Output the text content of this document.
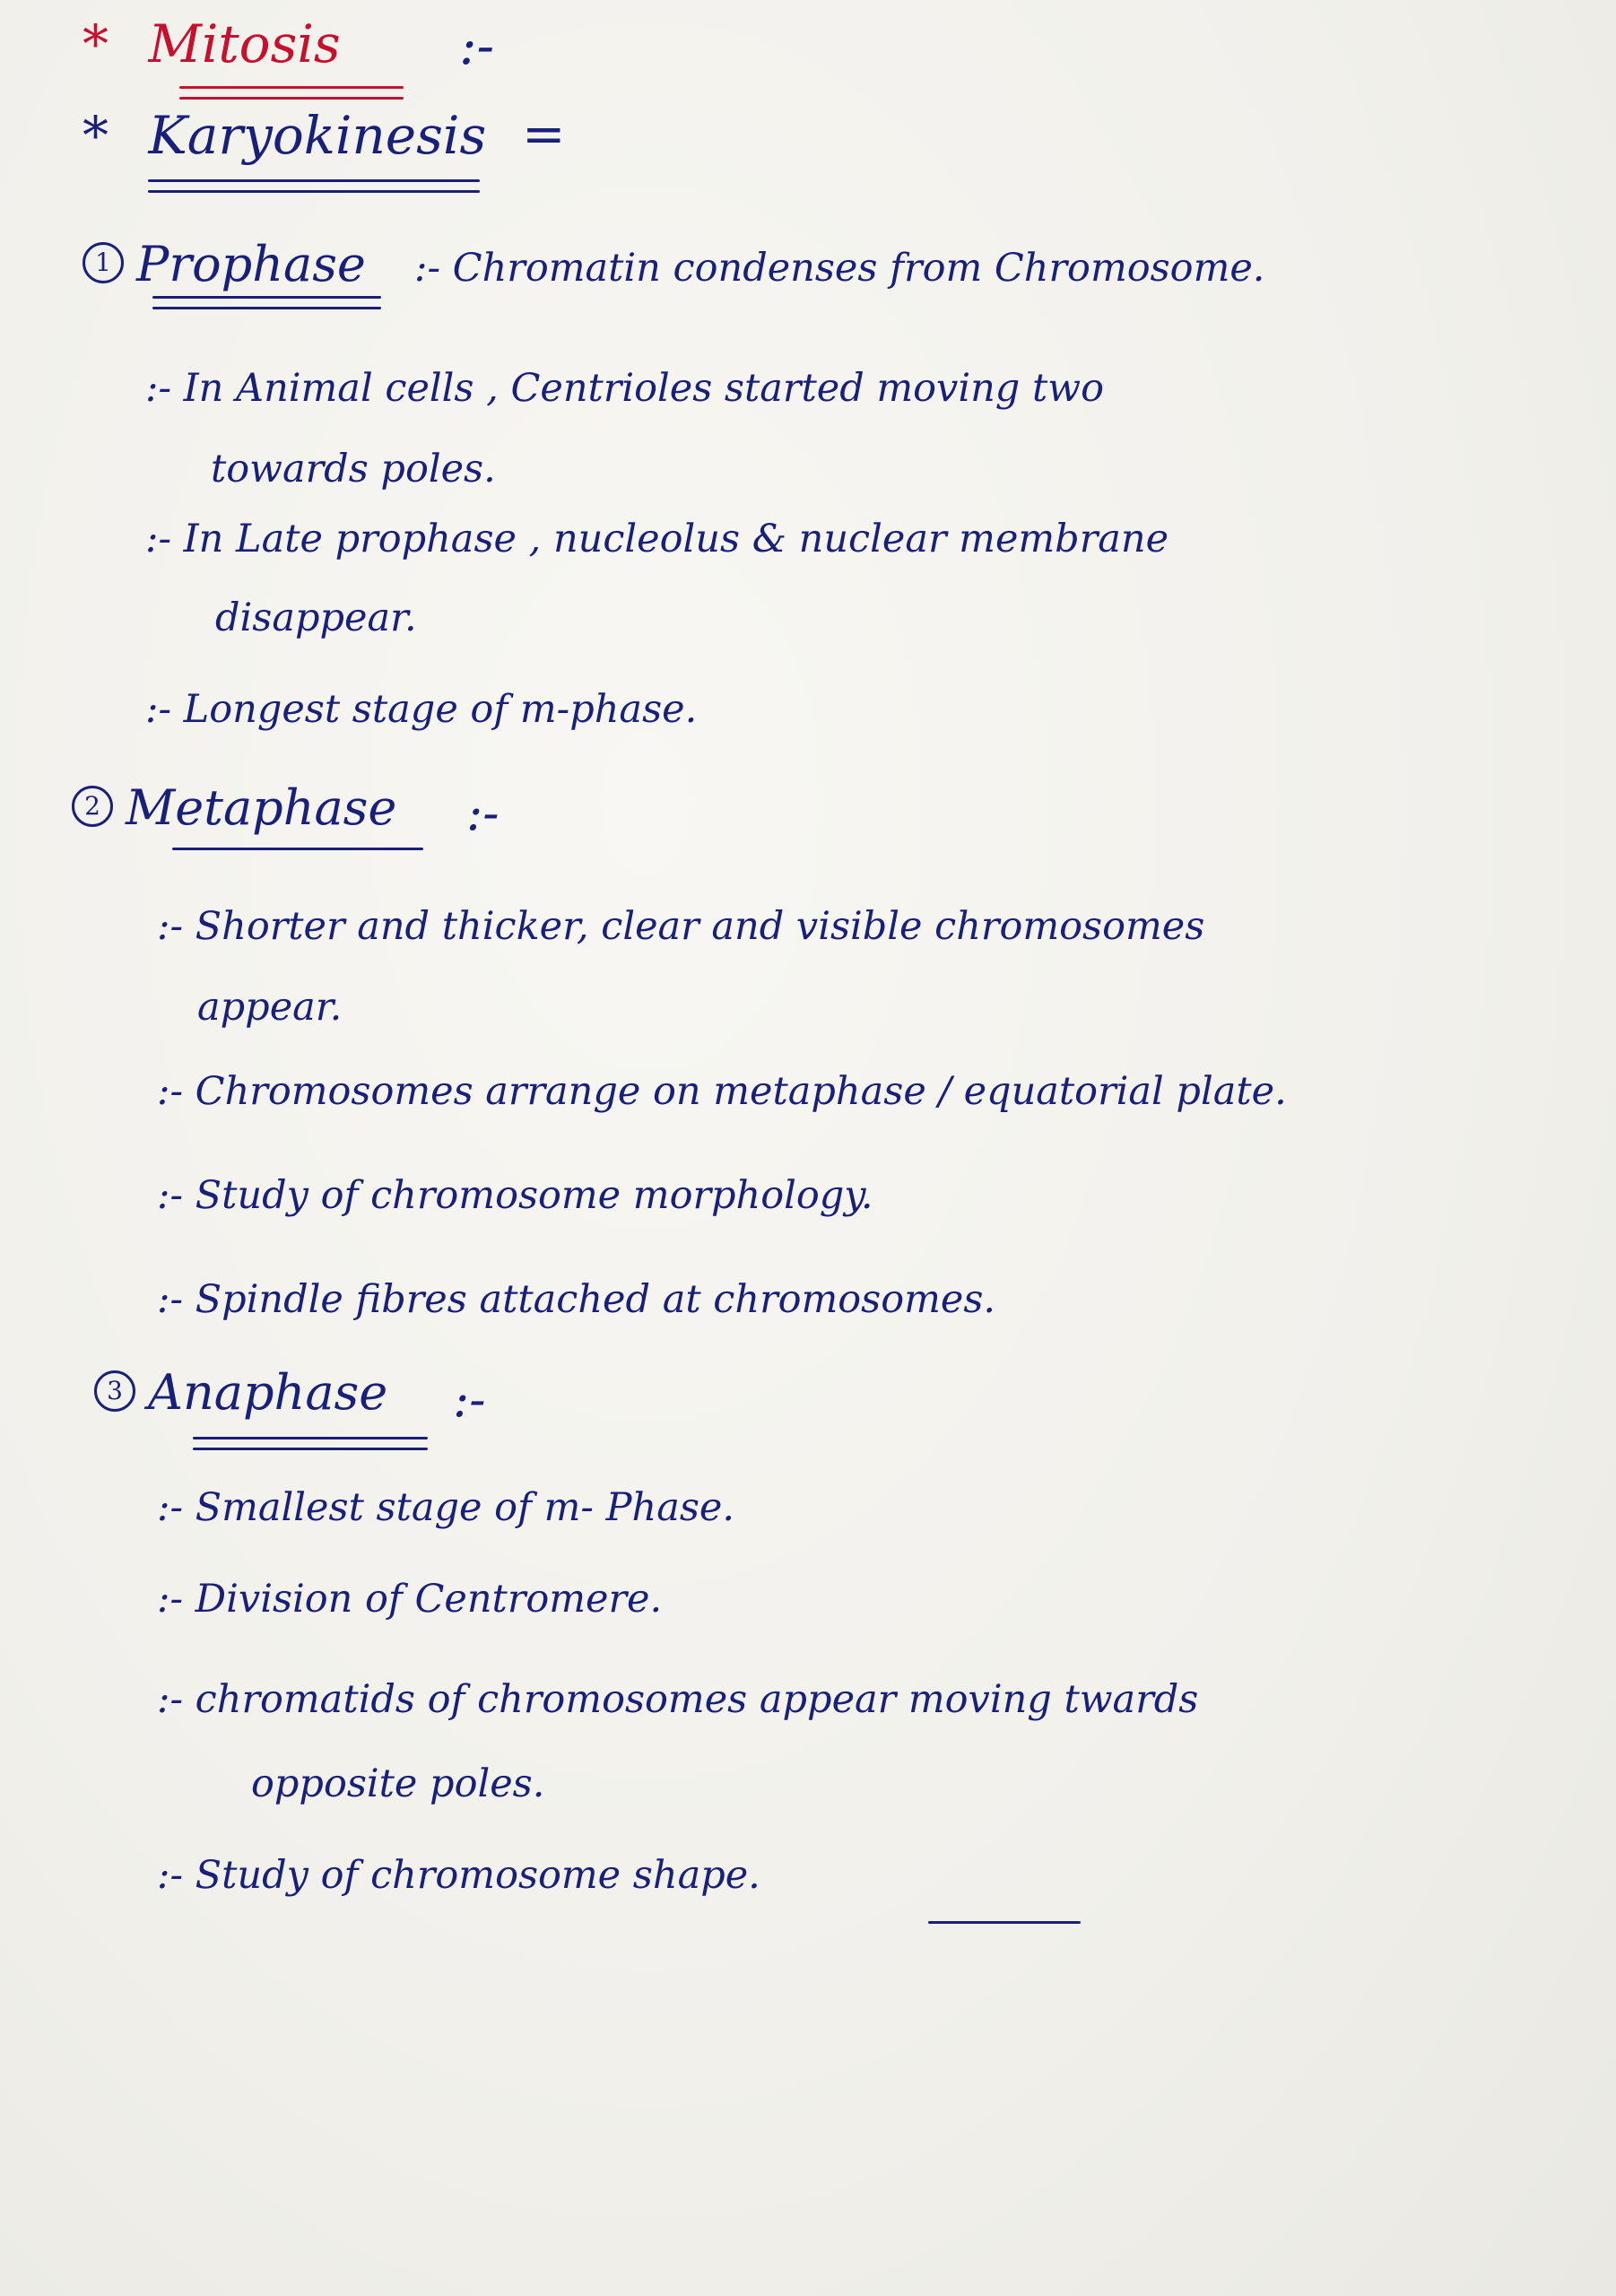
* Mitosis :-
* Karyokinesis =
1 Prophase :- Chromatin condenses from Chromosome.
:- In Animal cells , Centrioles started moving two
towards poles.
:- In Late prophase , nucleolus & nuclear membrane
disappear.
:- Longest stage of m-phase.
2 Metaphase :-
:- Shorter and thicker, clear and visible chromosomes
appear.
:- Chromosomes arrange on metaphase / equatorial plate.
:- Study of chromosome morphology.
:- Spindle fibres attached at chromosomes.
3 Anaphase :-
:- Smallest stage of m- Phase.
:- Division of Centromere.
:- chromatids of chromosomes appear moving twards
opposite poles.
:- Study of chromosome shape.
